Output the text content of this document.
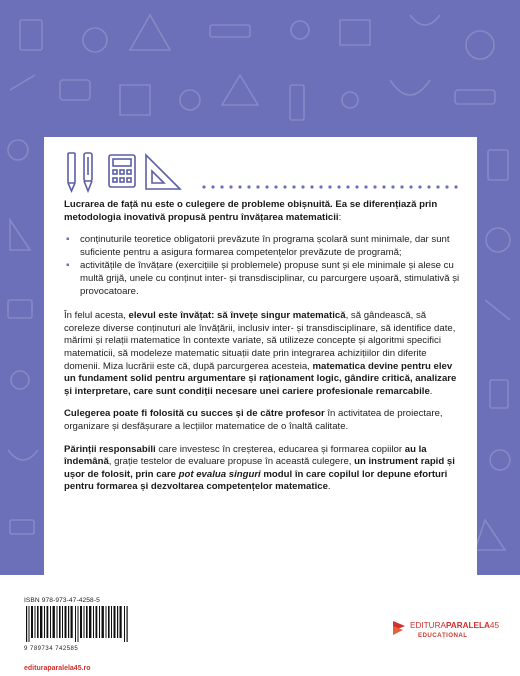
Lucrarea de față nu este o culegere de probleme obișnuită. Ea se diferențiază prin metodologia inovativă propusă pentru învățarea matematicii:

▪ conținuturile teoretice obligatorii prevăzute în programa școlară sunt minimale, dar sunt suficiente pentru a asigura formarea competențelor prevăzute de programă;
▪ activitățile de învățare (exercițiile și problemele) propuse sunt și ele minimale și alese cu multă grijă, unele cu conținut inter- și transdisciplinar, cu parcurgere ușoară, stimulativă și provocatoare.

În felul acesta, elevul este învățat: să învețe singur matematică, să gândească, să coreleze diverse conținuturi ale învățării, inclusiv inter- și transdisciplinare, să identifice date, mărimi și relații matematice în contexte variate, să utilizeze concepte și algoritmi specifici matematicii, să modeleze matematic situații date prin integrarea achizițiilor din diferite domenii. Miza lucrării este că, după parcurgerea acesteia, matematica devine pentru elev un fundament solid pentru argumentare și raționament logic, gândire critică, analizare și interpretare, care sunt condiții necesare unei cariere profesionale remarcabile.

Culegerea poate fi folosită cu succes și de către profesor în activitatea de proiectare, organizare și desfășurare a lecțiilor matematice de o înaltă calitate.

Părinții responsabili care investesc în creșterea, educarea și formarea copiilor au la îndemână, grație testelor de evaluare propuse în această culegere, un instrument rapid și ușor de folosit, prin care pot evalua singuri modul în care copilul lor depune eforturi pentru formarea și dezvoltarea competențelor matematice.

ISBN 978-973-47-4258-5
9 789734 742585
editurаparalela45.ro
EDITURAPARALELA45
EDUCAȚIONAL
